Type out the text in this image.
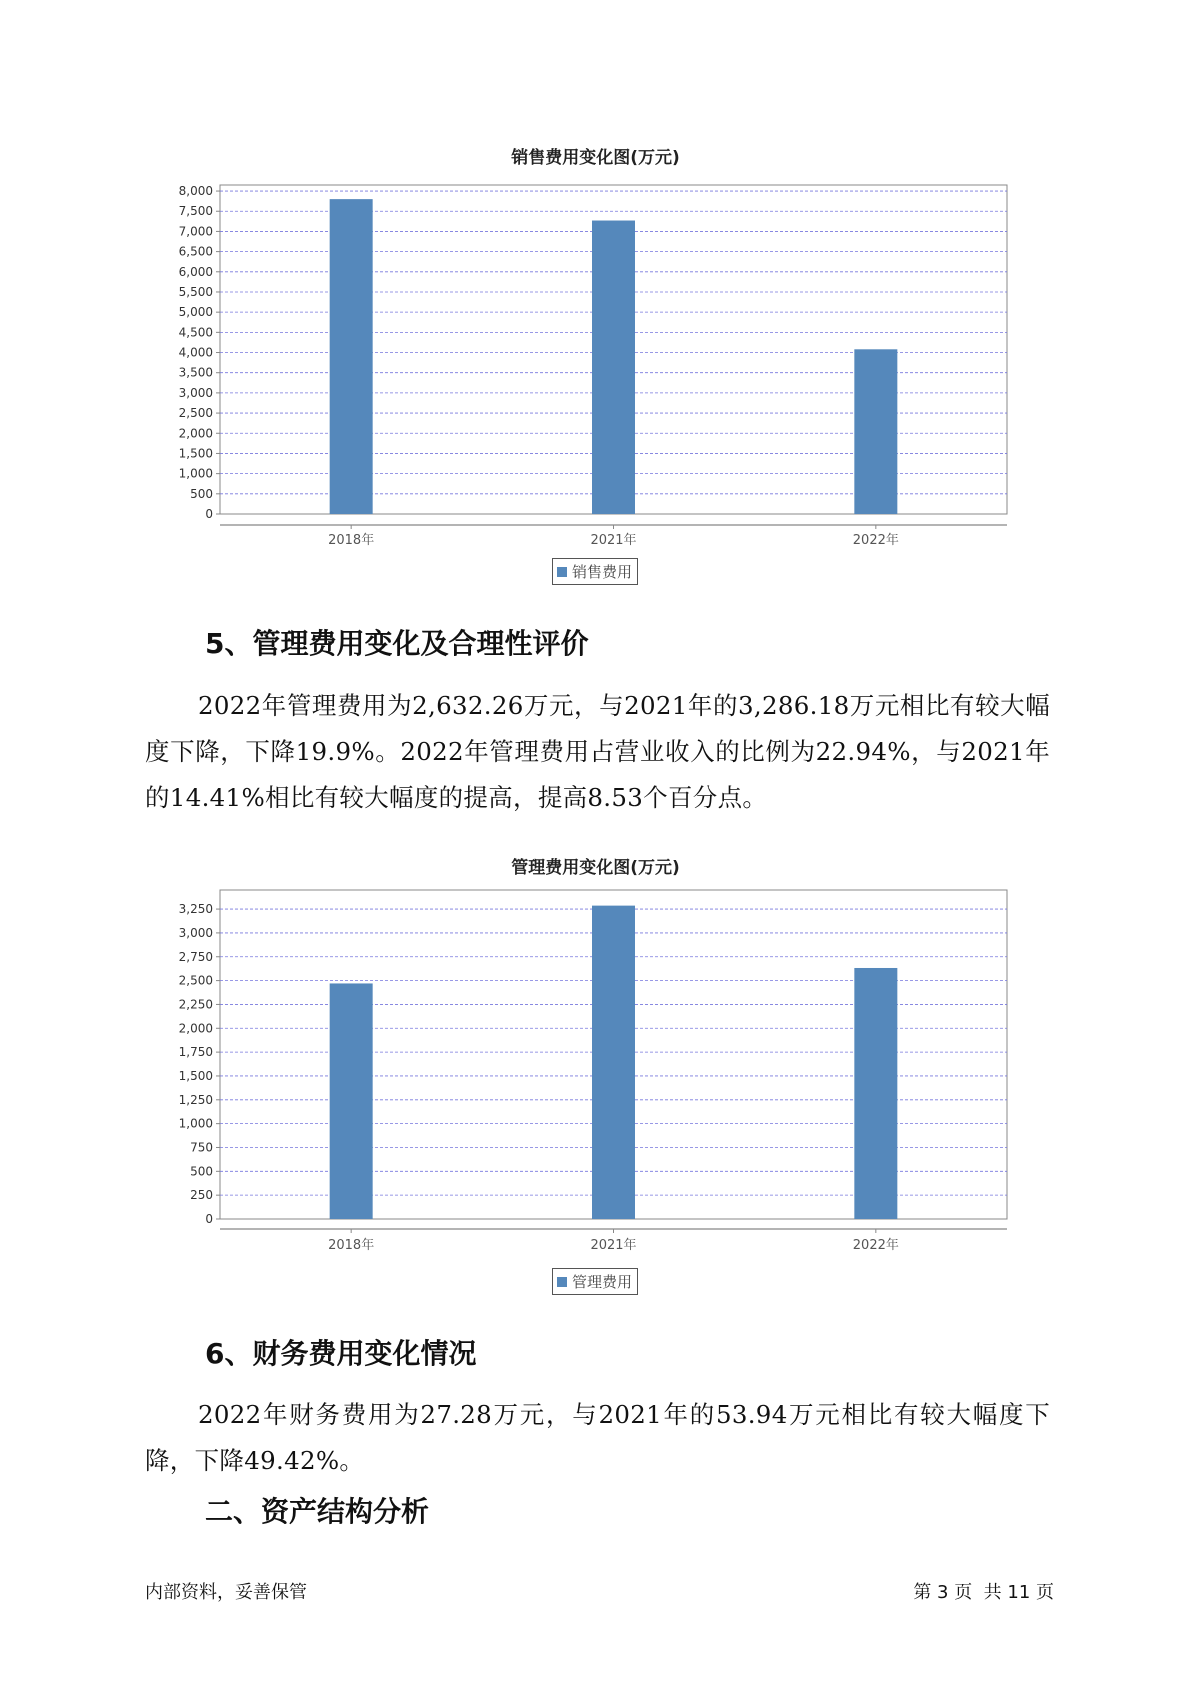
销售费用变化图(万元)
0
500
1,000
1,500
2,000
2,500
3,000
3,500
4,000
4,500
5,000
5,500
6,000
6,500
7,000
7,500
8,000
2018年	2021年	2022年
销售费用
5、管理费用变化及合理性评价

2022年管理费用为2,632.26万元，与2021年的3,286.18万元相比有较大幅度下降，下降19.9%。2022年管理费用占营业收入的比例为22.94%，与2021年的14.41%相比有较大幅度的提高，提高8.53个百分点。

管理费用变化图(万元)
0
250
500
750
1,000
1,250
1,500
1,750
2,000
2,250
2,500
2,750
3,000
3,250
2018年	2021年	2022年
管理费用
6、财务费用变化情况

2022年财务费用为27.28万元，与2021年的53.94万元相比有较大幅度下降，下降49.42%。

二、资产结构分析
内部资料，妥善保管	第 3 页  共 11 页
